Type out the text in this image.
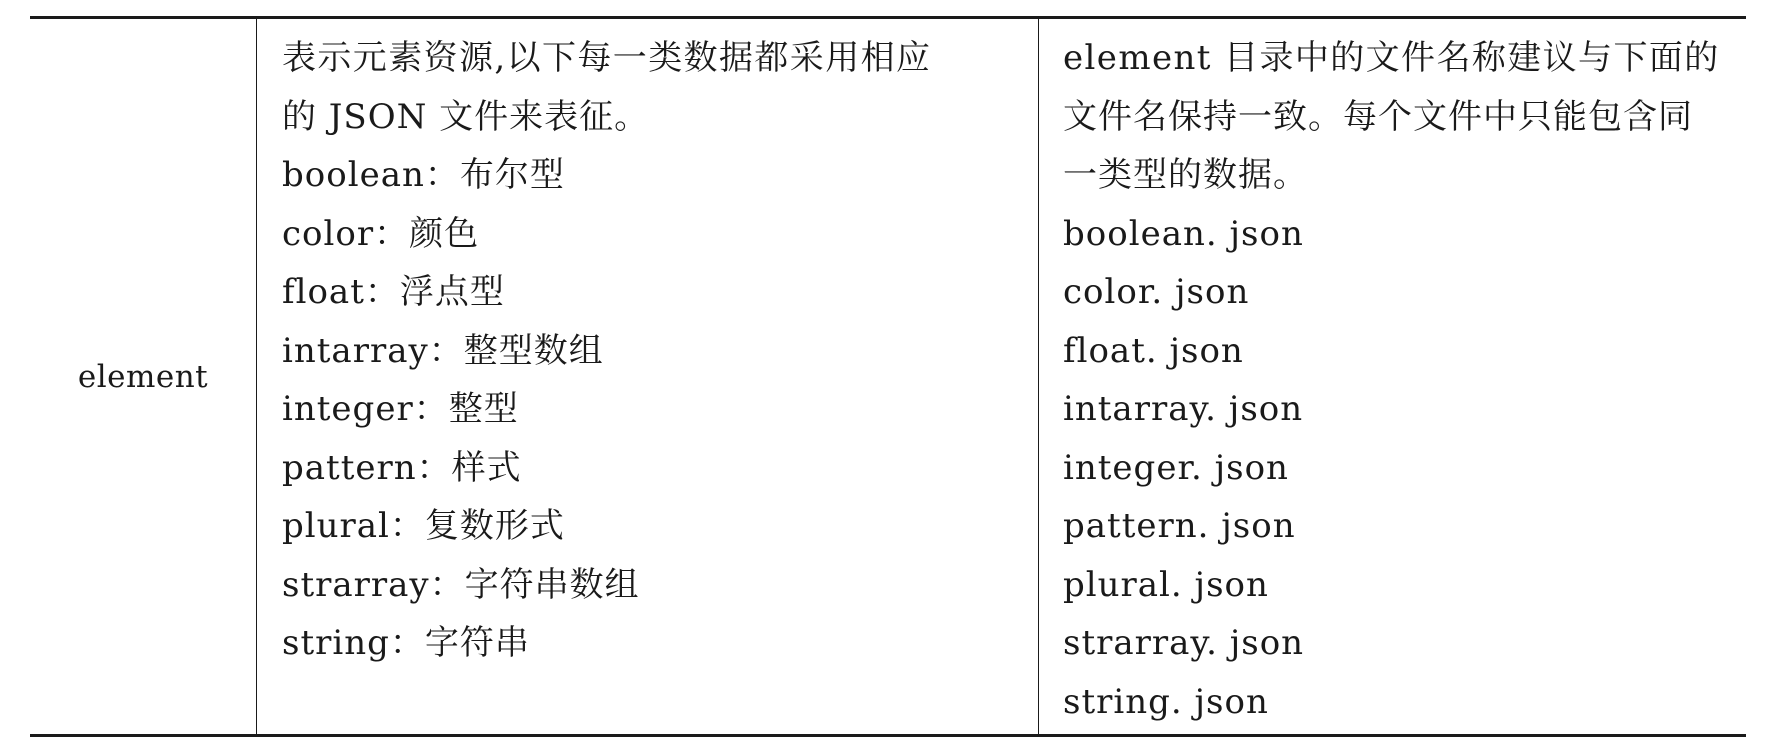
element
表示元素资源,以下每一类数据都采用相应
的 JSON 文件来表征。
boolean：布尔型
color：颜色
float：浮点型
intarray：整型数组
integer：整型
pattern：样式
plural：复数形式
strarray：字符串数组
string：字符串
element 目录中的文件名称建议与下面的
文件名保持一致。每个文件中只能包含同
一类型的数据。
boolean. json
color. json
float. json
intarray. json
integer. json
pattern. json
plural. json
strarray. json
string. json
